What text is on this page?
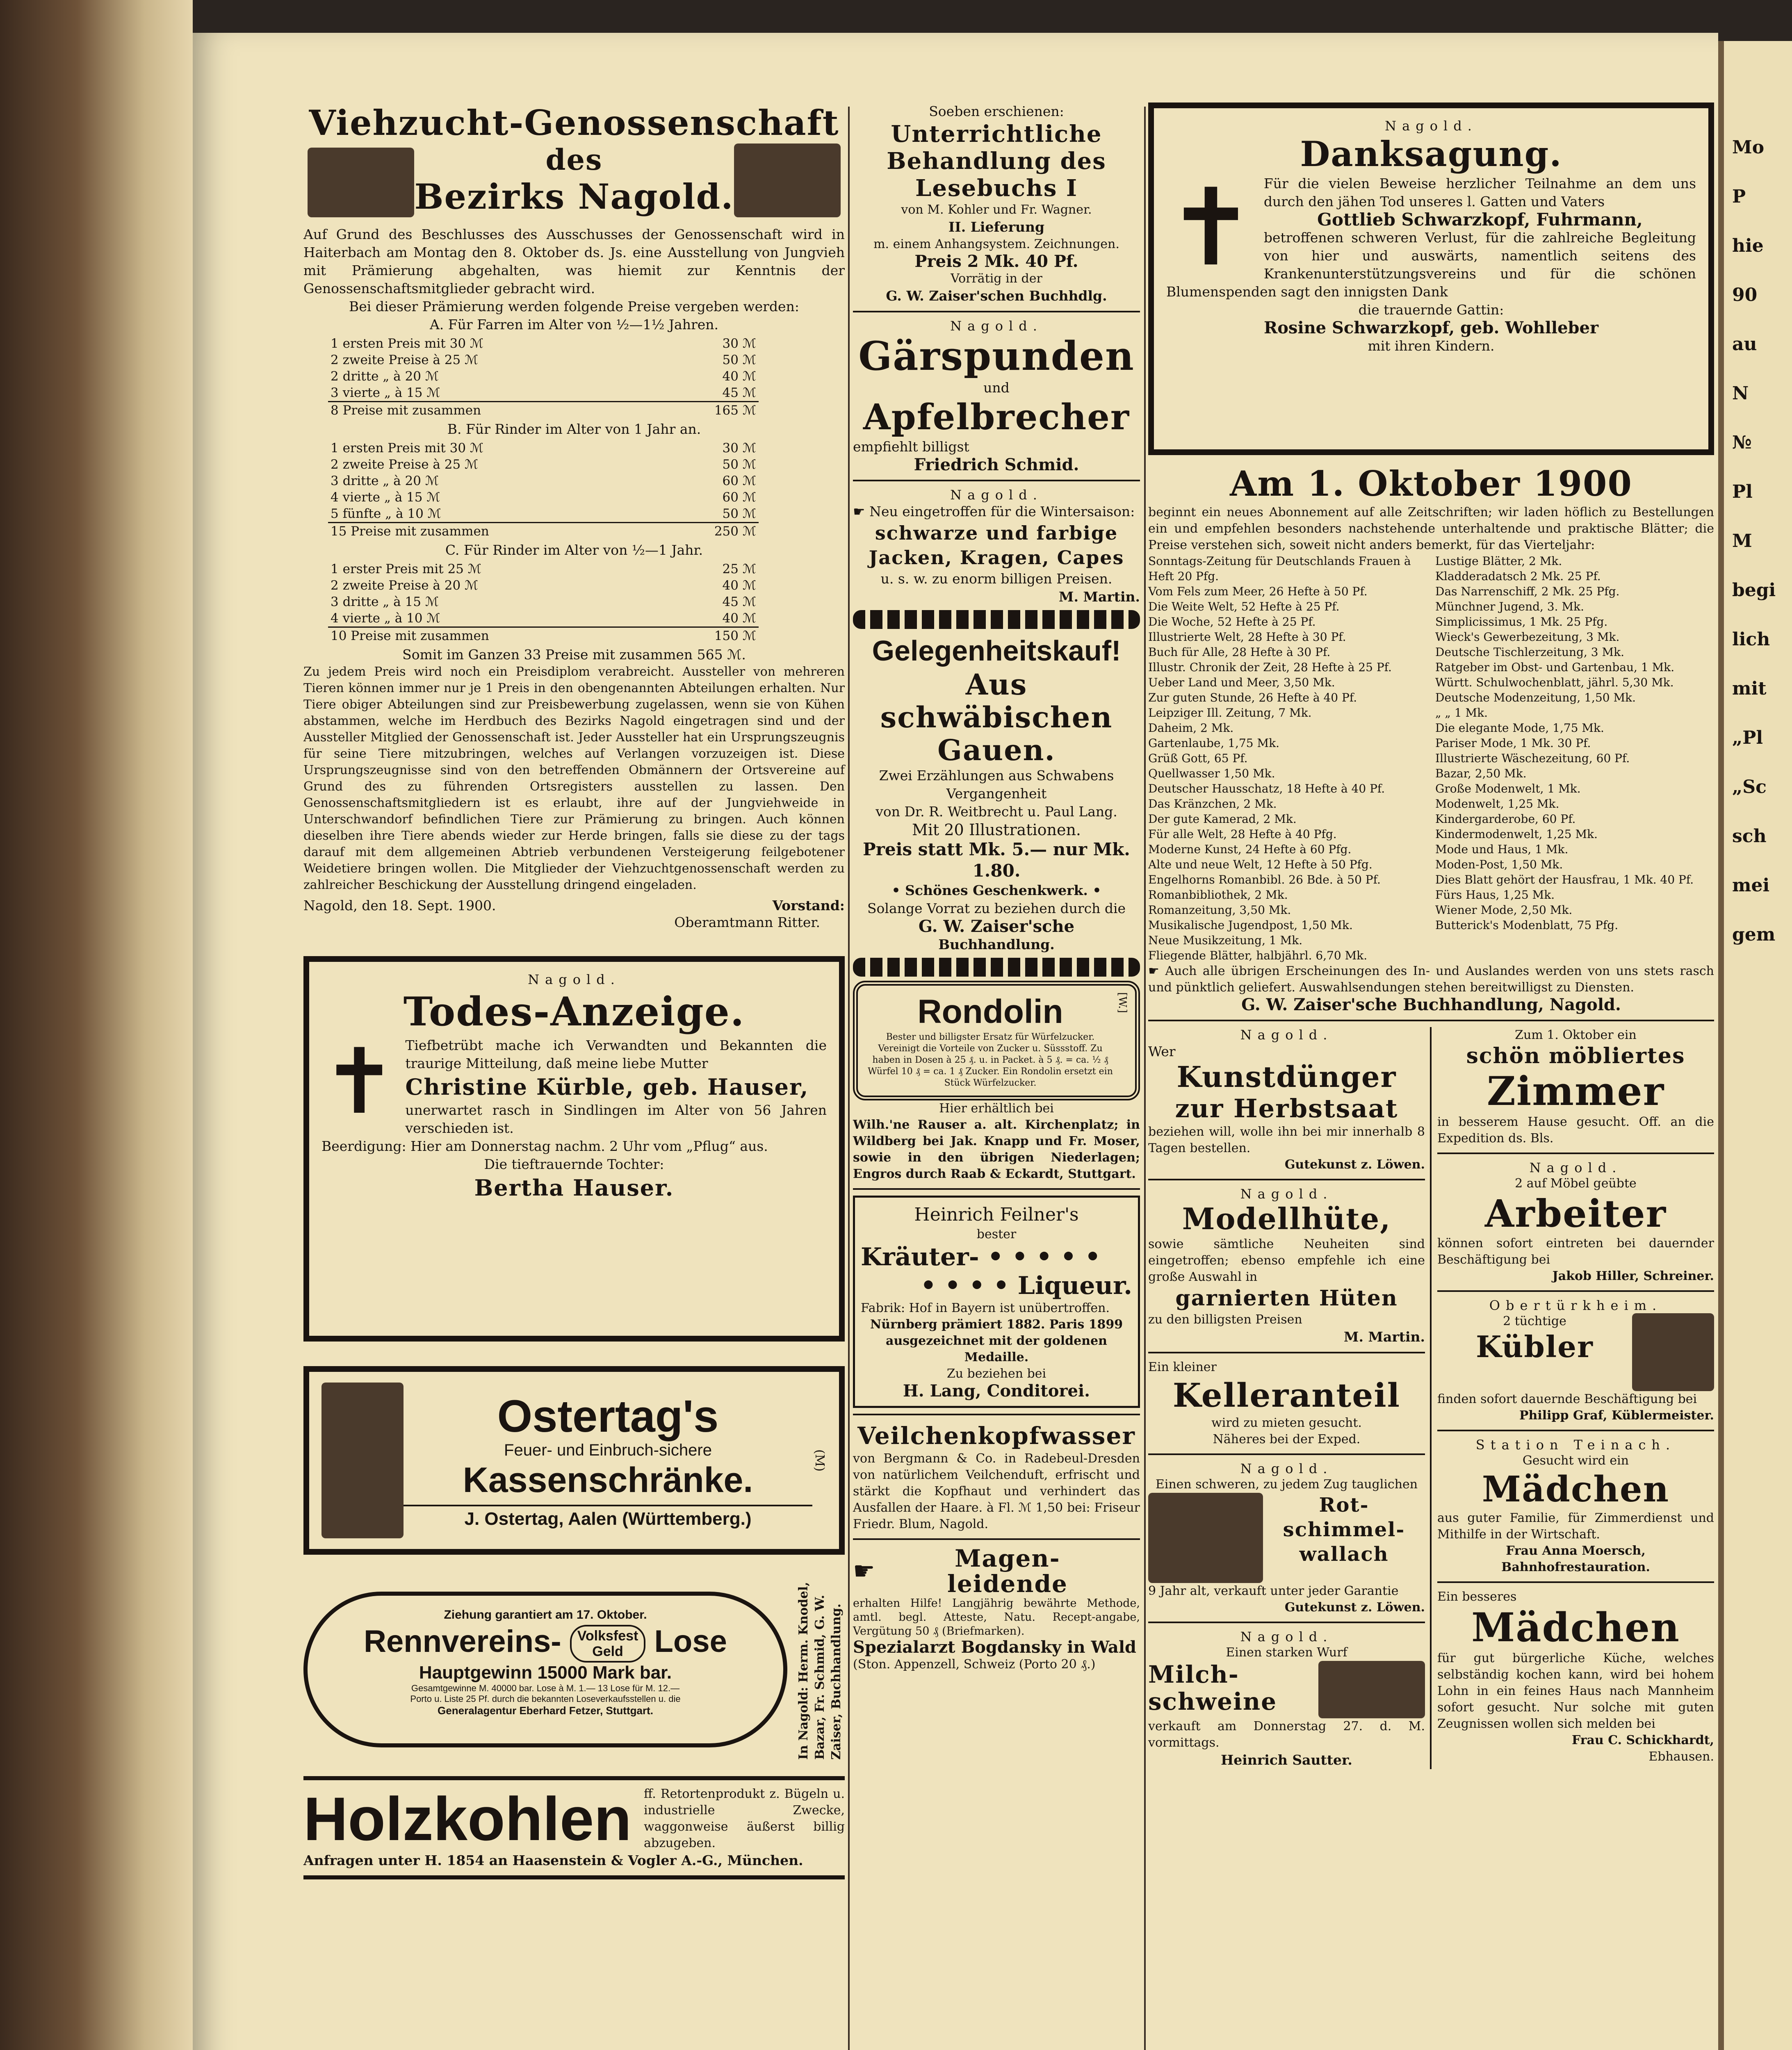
Viehzucht-Genossenschaft
des
Bezirks Nagold.

Auf Grund des Beschlusses des Ausschusses der Genossenschaft wird in Haiterbach am Montag den 8. Oktober ds. Js. eine Ausstellung von Jungvieh mit Prämierung abgehalten, was hiemit zur Kenntnis der Genossenschaftsmitglieder gebracht wird.

Bei dieser Prämierung werden folgende Preise vergeben werden:

A. Für Farren im Alter von ½—1½ Jahren.

1 ersten Preis mit 30 ℳ	30 ℳ
2 zweite Preise à 25 ℳ	50 ℳ
2 dritte „ à 20 ℳ	40 ℳ
3 vierte „ à 15 ℳ	45 ℳ
8 Preise mit zusammen	165 ℳ

B. Für Rinder im Alter von 1 Jahr an.

1 ersten Preis mit 30 ℳ	30 ℳ
2 zweite Preise à 25 ℳ	50 ℳ
3 dritte „ à 20 ℳ	60 ℳ
4 vierte „ à 15 ℳ	60 ℳ
5 fünfte „ à 10 ℳ	50 ℳ
15 Preise mit zusammen	250 ℳ

C. Für Rinder im Alter von ½—1 Jahr.

1 erster Preis mit 25 ℳ	25 ℳ
2 zweite Preise à 20 ℳ	40 ℳ
3 dritte „ à 15 ℳ	45 ℳ
4 vierte „ à 10 ℳ	40 ℳ
10 Preise mit zusammen	150 ℳ

Somit im Ganzen 33 Preise mit zusammen 565 ℳ.

Zu jedem Preis wird noch ein Preisdiplom verabreicht. Aussteller von mehreren Tieren können immer nur je 1 Preis in den obengenannten Abteilungen erhalten. Nur Tiere obiger Abteilungen sind zur Preisbewerbung zugelassen, wenn sie von Kühen abstammen, welche im Herdbuch des Bezirks Nagold eingetragen sind und der Aussteller Mitglied der Genossenschaft ist. Jeder Aussteller hat ein Ursprungszeugnis für seine Tiere mitzubringen, welches auf Verlangen vorzuzeigen ist. Diese Ursprungszeugnisse sind von den betreffenden Obmännern der Ortsvereine auf Grund des zu führenden Ortsregisters ausstellen zu lassen. Den Genossenschaftsmitgliedern ist es erlaubt, ihre auf der Jungviehweide in Unterschwandorf befindlichen Tiere zur Prämierung zu bringen. Auch können dieselben ihre Tiere abends wieder zur Herde bringen, falls sie diese zu der tags darauf mit dem allgemeinen Abtrieb verbundenen Versteigerung feilgebotener Weidetiere bringen wollen. Die Mitglieder der Viehzuchtgenossenschaft werden zu zahlreicher Beschickung der Ausstellung dringend eingeladen.

Nagold, den 18. Sept. 1900.	Vorstand:

Oberamtmann Ritter.

Nagold.
Todes-Anzeige.
✝ Tiefbetrübt mache ich Verwandten und Bekannten die traurige Mitteilung, daß meine liebe Mutter

Christine Kürble, geb. Hauser,

unerwartet rasch in Sindlingen im Alter von 56 Jahren verschieden ist.

Beerdigung: Hier am Donnerstag nachm. 2 Uhr vom „Pflug“ aus.

Die tieftrauernde Tochter:

Bertha Hauser.

Ostertag's
Feuer- und Einbruch-sichere
Kassenschränke.
J. Ostertag, Aalen (Württemberg.)
(M)
Ziehung garantiert am 17. Oktober.
Rennvereins- Volksfest
Geld Lose
Hauptgewinn 15000 Mark bar.
Gesamtgewinne M. 40000 bar. Lose à M. 1.— 13 Lose für M. 12.—
Porto u. Liste 25 Pf. durch die bekannten Loseverkaufsstellen u. die
Generalagentur Eberhard Fetzer, Stuttgart.	In Nagold: Herm. Knodel, Bazar, Fr. Schmid, G. W. Zaiser, Buchhandlung.
Holzkohlen ff. Retortenprodukt z. Bügeln u. industrielle Zwecke, waggonweise äußerst billig abzugeben.

Anfragen unter H. 1854 an Haasenstein & Vogler A.-G., München.

Soeben erschienen:

Unterrichtliche
Behandlung des
Lesebuchs I

von M. Kohler und Fr. Wagner.

II. Lieferung

m. einem Anhangsystem. Zeichnungen.

Preis 2 Mk. 40 Pf.

Vorrätig in der

G. W. Zaiser'schen Buchhdlg.

Nagold.
Gärspunden

und

Apfelbrecher

empfiehlt billigst

Friedrich Schmid.

Nagold.

☛ Neu eingetroffen für die Wintersaison:

schwarze und farbige Jacken, Kragen, Capes

u. s. w. zu enorm billigen Preisen.

M. Martin.

Gelegenheitskauf!
Aus schwäbischen
Gauen.

Zwei Erzählungen aus Schwabens Vergangenheit

von Dr. R. Weitbrecht u. Paul Lang.

Mit 20 Illustrationen.

Preis statt Mk. 5.— nur Mk. 1.80.

• Schönes Geschenkwerk. •

Solange Vorrat zu beziehen durch die

G. W. Zaiser'sche

Buchhandlung.

Rondolin

Bester und billigster Ersatz für Würfelzucker. Vereinigt die Vorteile von Zucker u. Süssstoff. Zu haben in Dosen à 25 ₰. u. in Packet. à 5 ₰. = ca. ½ ₰ Würfel 10 ₰ = ca. 1 ₰ Zucker. Ein Rondolin ersetzt ein Stück Würfelzucker.

[W.]

Hier erhältlich bei

Wilh.'ne Rauser a. alt. Kirchenplatz; in Wildberg bei Jak. Knapp und Fr. Moser, sowie in den übrigen Niederlagen; Engros durch Raab & Eckardt, Stuttgart.

Heinrich Feilner's

bester

Kräuter- • • • • •

• • • • Liqueur.

Fabrik: Hof in Bayern ist unübertroffen.

Nürnberg prämiert 1882. Paris 1899 ausgezeichnet mit der goldenen Medaille.

Zu beziehen bei

H. Lang, Conditorei.

Veilchenkopfwasser

von Bergmann & Co. in Radebeul-Dresden von natürlichem Veilchenduft, erfrischt und stärkt die Kopfhaut und verhindert das Ausfallen der Haare. à Fl. ℳ 1,50 bei: Friseur Friedr. Blum, Nagold.

☛	Magen-
leidende

erhalten Hilfe! Langjährig bewährte Methode, amtl. begl. Atteste, Natu. Recept-angabe, Vergütung 50 ₰ (Briefmarken).

Spezialarzt Bogdansky in Wald

(Ston. Appenzell, Schweiz (Porto 20 ₰.)

Nagold.
Danksagung.
✝ Für die vielen Beweise herzlicher Teilnahme an dem uns durch den jähen Tod unseres l. Gatten und Vaters

Gottlieb Schwarzkopf, Fuhrmann,

betroffenen schweren Verlust, für die zahlreiche Begleitung von hier und auswärts, namentlich seitens des Krankenunterstützungsvereins und für die schönen Blumenspenden sagt den innigsten Dank

die trauernde Gattin:

Rosine Schwarzkopf, geb. Wohlleber

mit ihren Kindern.

Am 1. Oktober 1900

beginnt ein neues Abonnement auf alle Zeitschriften; wir laden höflich zu Bestellungen ein und empfehlen besonders nachstehende unterhaltende und praktische Blätter; die Preise verstehen sich, soweit nicht anders bemerkt, für das Vierteljahr:

Sonntags-Zeitung für Deutschlands Frauen à Heft 20 Pfg.
Vom Fels zum Meer, 26 Hefte à 50 Pf.
Die Weite Welt, 52 Hefte à 25 Pf.
Die Woche, 52 Hefte à 25 Pf.
Illustrierte Welt, 28 Hefte à 30 Pf.
Buch für Alle, 28 Hefte à 30 Pf.
Illustr. Chronik der Zeit, 28 Hefte à 25 Pf.
Ueber Land und Meer, 3,50 Mk.
Zur guten Stunde, 26 Hefte à 40 Pf.
Leipziger Ill. Zeitung, 7 Mk.
Daheim, 2 Mk.
Gartenlaube, 1,75 Mk.
Grüß Gott, 65 Pf.
Quellwasser 1,50 Mk.
Deutscher Hausschatz, 18 Hefte à 40 Pf.
Das Kränzchen, 2 Mk.
Der gute Kamerad, 2 Mk.
Für alle Welt, 28 Hefte à 40 Pfg.
Moderne Kunst, 24 Hefte à 60 Pfg.
Alte und neue Welt, 12 Hefte à 50 Pfg.
Engelhorns Romanbibl. 26 Bde. à 50 Pf.
Romanbibliothek, 2 Mk.
Romanzeitung, 3,50 Mk.
Musikalische Jugendpost, 1,50 Mk.
Neue Musikzeitung, 1 Mk.
Fliegende Blätter, halbjährl. 6,70 Mk.
Lustige Blätter, 2 Mk.
Kladderadatsch 2 Mk. 25 Pf.
Das Narrenschiff, 2 Mk. 25 Pfg.
Münchner Jugend, 3. Mk.
Simplicissimus, 1 Mk. 25 Pfg.
Wieck's Gewerbezeitung, 3 Mk.
Deutsche Tischlerzeitung, 3 Mk.
Ratgeber im Obst- und Gartenbau, 1 Mk.
Württ. Schulwochenblatt, jährl. 5,30 Mk.
Deutsche Modenzeitung, 1,50 Mk.
„ „ 1 Mk.
Die elegante Mode, 1,75 Mk.
Pariser Mode, 1 Mk. 30 Pf.
Illustrierte Wäschezeitung, 60 Pf.
Bazar, 2,50 Mk.
Große Modenwelt, 1 Mk.
Modenwelt, 1,25 Mk.
Kindergarderobe, 60 Pf.
Kindermodenwelt, 1,25 Mk.
Mode und Haus, 1 Mk.
Moden-Post, 1,50 Mk.
Dies Blatt gehört der Hausfrau, 1 Mk. 40 Pf.
Fürs Haus, 1,25 Mk.
Wiener Mode, 2,50 Mk.
Butterick's Modenblatt, 75 Pfg.

☛ Auch alle übrigen Erscheinungen des In- und Auslandes werden von uns stets rasch und pünktlich geliefert. Auswahlsendungen stehen bereitwilligst zu Diensten.

G. W. Zaiser'sche Buchhandlung, Nagold.

Nagold.

Wer

Kunstdünger
zur Herbstsaat

beziehen will, wolle ihn bei mir innerhalb 8 Tagen bestellen.

Gutekunst z. Löwen.

Nagold.
Modellhüte,

sowie sämtliche Neuheiten sind eingetroffen; ebenso empfehle ich eine große Auswahl in

garnierten Hüten

zu den billigsten Preisen

M. Martin.

Ein kleiner

Kelleranteil

wird zu mieten gesucht.

Näheres bei der Exped.

Nagold.

Einen schweren, zu jedem Zug tauglichen

Rot-
schimmel-
wallach

9 Jahr alt, verkauft unter jeder Garantie

Gutekunst z. Löwen.

Nagold.

Einen starken Wurf

Milch-
schweine

verkauft am Donnerstag 27. d. M. vormittags.

Heinrich Sautter.

Zum 1. Oktober ein

schön möbliertes
Zimmer

in besserem Hause gesucht. Off. an die Expedition ds. Bls.

Nagold.

2 auf Möbel geübte

Arbeiter

können sofort eintreten bei dauernder Beschäftigung bei

Jakob Hiller, Schreiner.

Obertürkheim.

2 tüchtige

Kübler

finden sofort dauernde Beschäftigung bei

Philipp Graf, Küblermeister.

Station Teinach.

Gesucht wird ein

Mädchen

aus guter Familie, für Zimmerdienst und Mithilfe in der Wirtschaft.

Frau Anna Moersch, Bahnhofrestauration.

Ein besseres

Mädchen

für gut bürgerliche Küche, welches selbständig kochen kann, wird bei hohem Lohn in ein feines Haus nach Mannheim sofort gesucht. Nur solche mit guten Zeugnissen wollen sich melden bei

Frau C. Schickhardt,

Ebhausen.

Mo
P
hie
90
au
N
№
Pl
M
begi
lich
mit
„Pl
„Sc
sch
mei
gem
